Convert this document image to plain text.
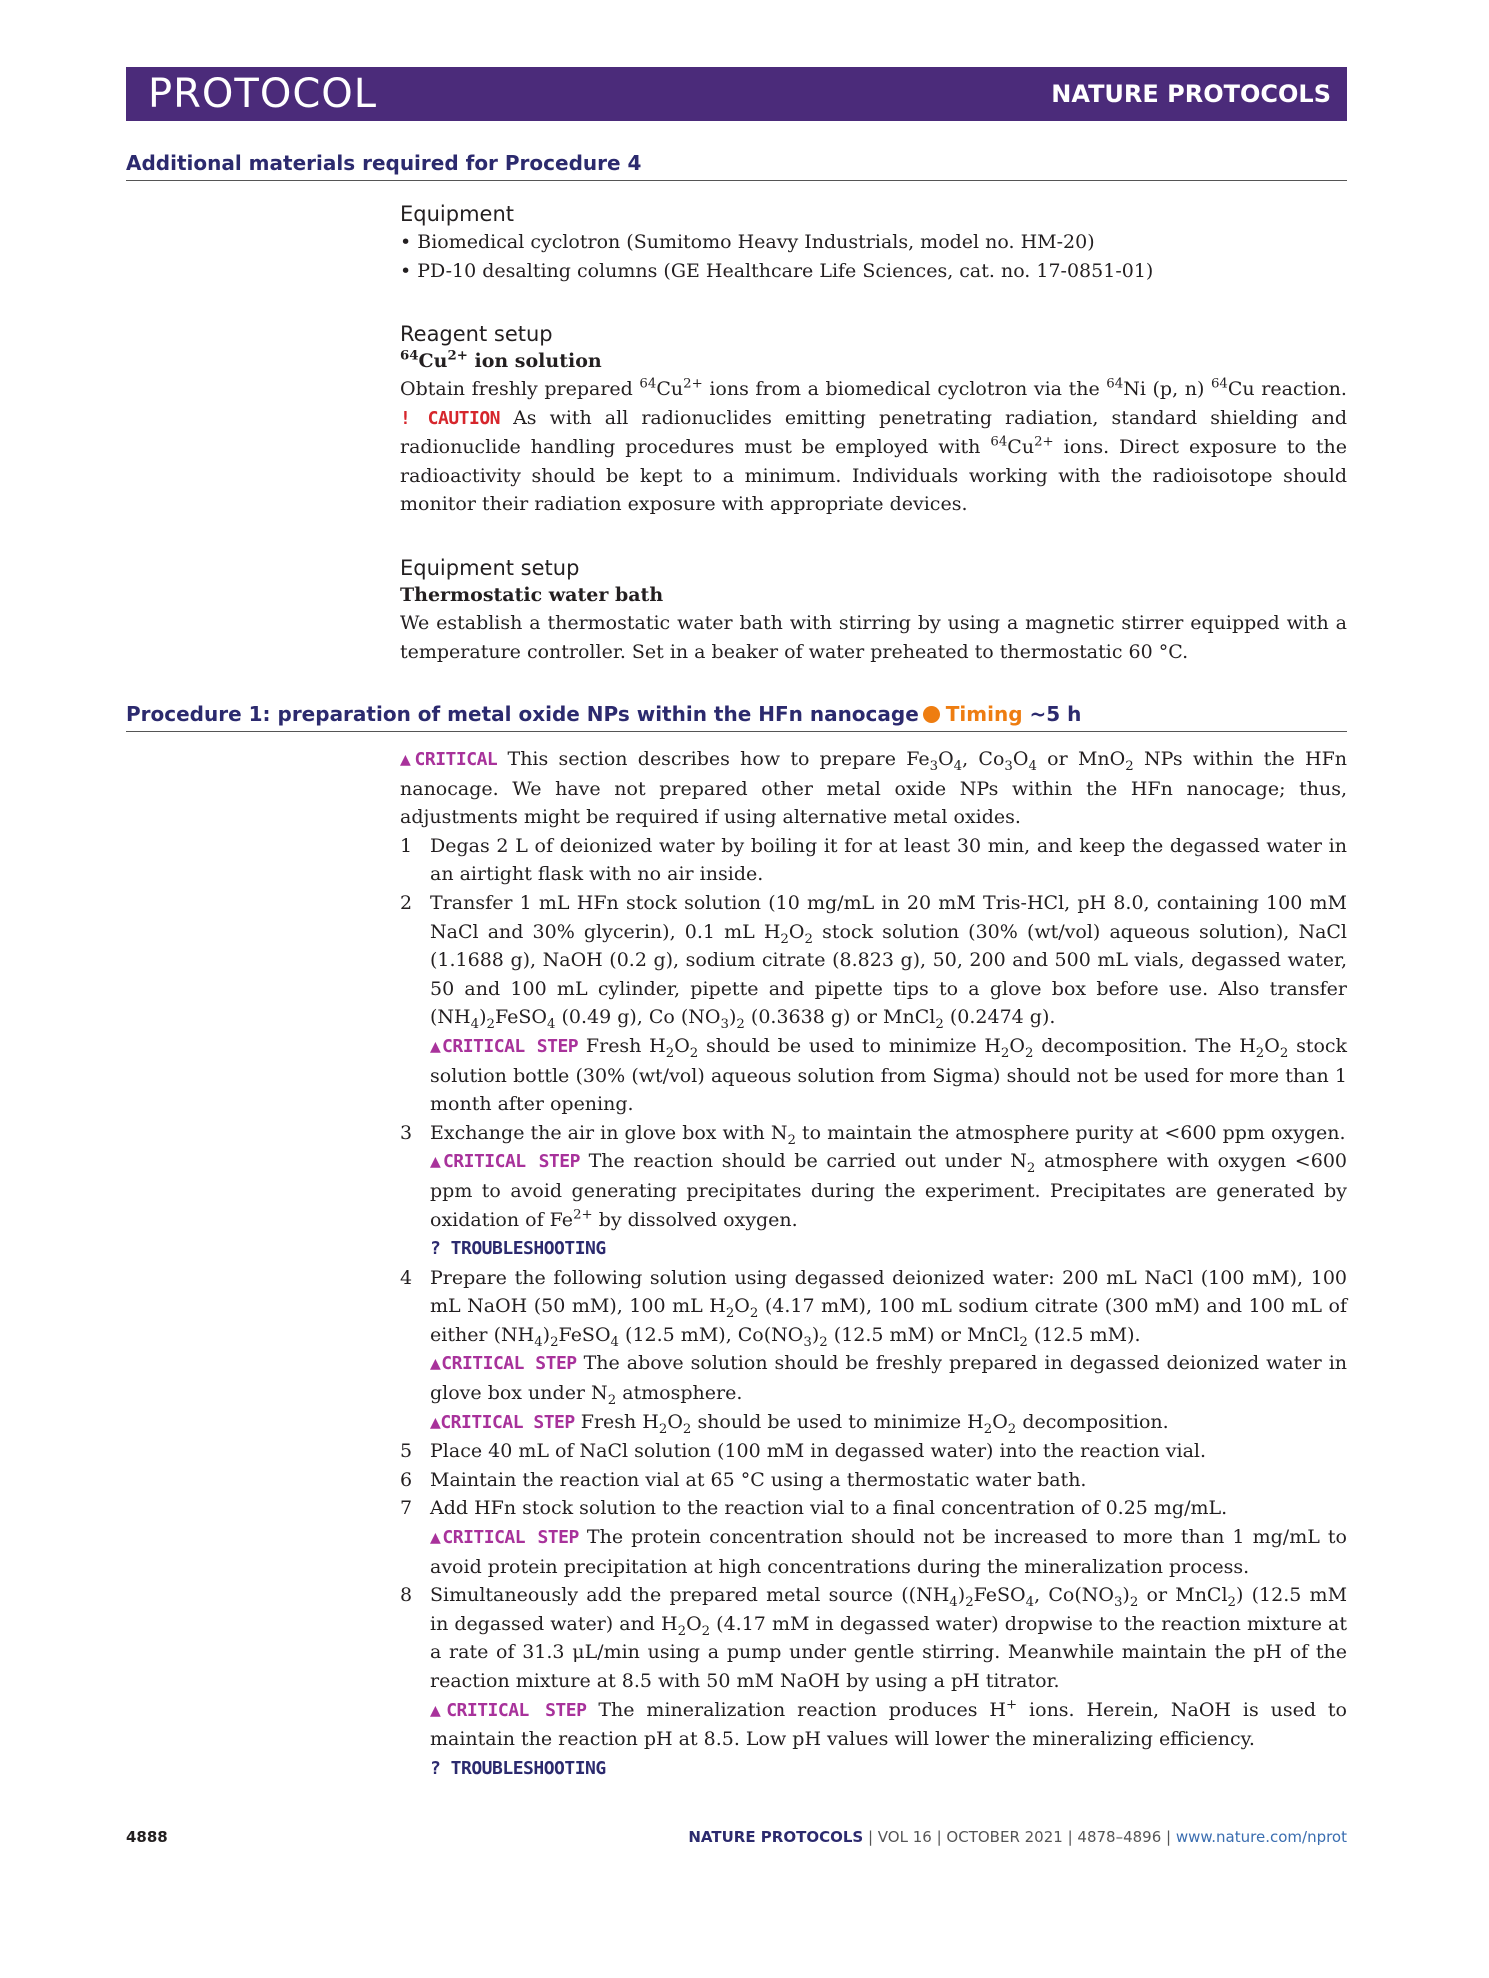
PROTOCOL	NATURE PROTOCOLS
Additional materials required for Procedure 4
Equipment
• Biomedical cyclotron (Sumitomo Heavy Industrials, model no. HM-20)
• PD-10 desalting columns (GE Healthcare Life Sciences, cat. no. 17-0851-01)
Reagent setup
$^{64}Cu^{2+}$ ion solution

Obtain freshly prepared $^{64}Cu^{2+}$ ions from a biomedical cyclotron via the $^{64}$Ni (p, n) $^{64}$Cu reaction. ! CAUTION As with all radionuclides emitting penetrating radiation, standard shielding and radionuclide handling procedures must be employed with $^{64}Cu^{2+}$ ions. Direct exposure to the radioactivity should be kept to a minimum. Individuals working with the radioisotope should monitor their radiation exposure with appropriate devices.

Equipment setup
Thermostatic water bath

We establish a thermostatic water bath with stirring by using a magnetic stirrer equipped with a temperature controller. Set in a beaker of water preheated to thermostatic 60 °C.

Procedure 1: preparation of metal oxide NPs within the HFn nanocage Timing ~5 h

▲CRITICAL This section describes how to prepare $Fe_3O_4$, $Co_3O_4$ or MnO$_2$ NPs within the HFn nanocage. We have not prepared other metal oxide NPs within the HFn nanocage; thus, adjustments might be required if using alternative metal oxides.

1 Degas 2 L of deionized water by boiling it for at least 30 min, and keep the degassed water in an airtight flask with no air inside.
2 Transfer 1 mL HFn stock solution (10 mg/mL in 20 mM Tris-HCl, pH 8.0, containing 100 mM NaCl and 30% glycerin), 0.1 mL $H_2O_2$ stock solution (30% (wt/vol) aqueous solution), NaCl (1.1688 g), NaOH (0.2 g), sodium citrate (8.823 g), 50, 200 and 500 mL vials, degassed water, 50 and 100 mL cylinder, pipette and pipette tips to a glove box before use. Also transfer $(NH_4)_2FeSO_4$ (0.49 g), Co $(NO_3)_2$ (0.3638 g) or MnCl$_2$ (0.2474 g).

▲CRITICAL STEP Fresh $H_2O_2$ should be used to minimize $H_2O_2$ decomposition. The $H_2O_2$ stock solution bottle (30% (wt/vol) aqueous solution from Sigma) should not be used for more than 1 month after opening.

3 Exchange the air in glove box with $N_2$ to maintain the atmosphere purity at <600 ppm oxygen.

▲CRITICAL STEP The reaction should be carried out under $N_2$ atmosphere with oxygen <600 ppm to avoid generating precipitates during the experiment. Precipitates are generated by oxidation of $Fe^{2+}$ by dissolved oxygen.

? TROUBLESHOOTING

4 Prepare the following solution using degassed deionized water: 200 mL NaCl (100 mM), 100 mL NaOH (50 mM), 100 mL $H_2O_2$ (4.17 mM), 100 mL sodium citrate (300 mM) and 100 mL of either $(NH_4)_2FeSO_4$ (12.5 mM), $Co(NO_3)_2$ (12.5 mM) or MnCl$_2$ (12.5 mM).

▲CRITICAL STEP The above solution should be freshly prepared in degassed deionized water in glove box under $N_2$ atmosphere.

▲CRITICAL STEP Fresh $H_2O_2$ should be used to minimize $H_2O_2$ decomposition.

5 Place 40 mL of NaCl solution (100 mM in degassed water) into the reaction vial.
6 Maintain the reaction vial at 65 °C using a thermostatic water bath.
7 Add HFn stock solution to the reaction vial to a final concentration of 0.25 mg/mL.

▲CRITICAL STEP The protein concentration should not be increased to more than 1 mg/mL to avoid protein precipitation at high concentrations during the mineralization process.

8 Simultaneously add the prepared metal source ($(NH_4)_2FeSO_4$, $Co(NO_3)_2$ or MnCl$_2$) (12.5 mM in degassed water) and $H_2O_2$ (4.17 mM in degassed water) dropwise to the reaction mixture at a rate of 31.3 μL/min using a pump under gentle stirring. Meanwhile maintain the pH of the reaction mixture at 8.5 with 50 mM NaOH by using a pH titrator.

▲CRITICAL STEP The mineralization reaction produces H+ ions. Herein, NaOH is used to maintain the reaction pH at 8.5. Low pH values will lower the mineralizing efficiency.

? TROUBLESHOOTING

4888	NATURE PROTOCOLS | VOL 16 | OCTOBER 2021 | 4878–4896 | www.nature.com/nprot
